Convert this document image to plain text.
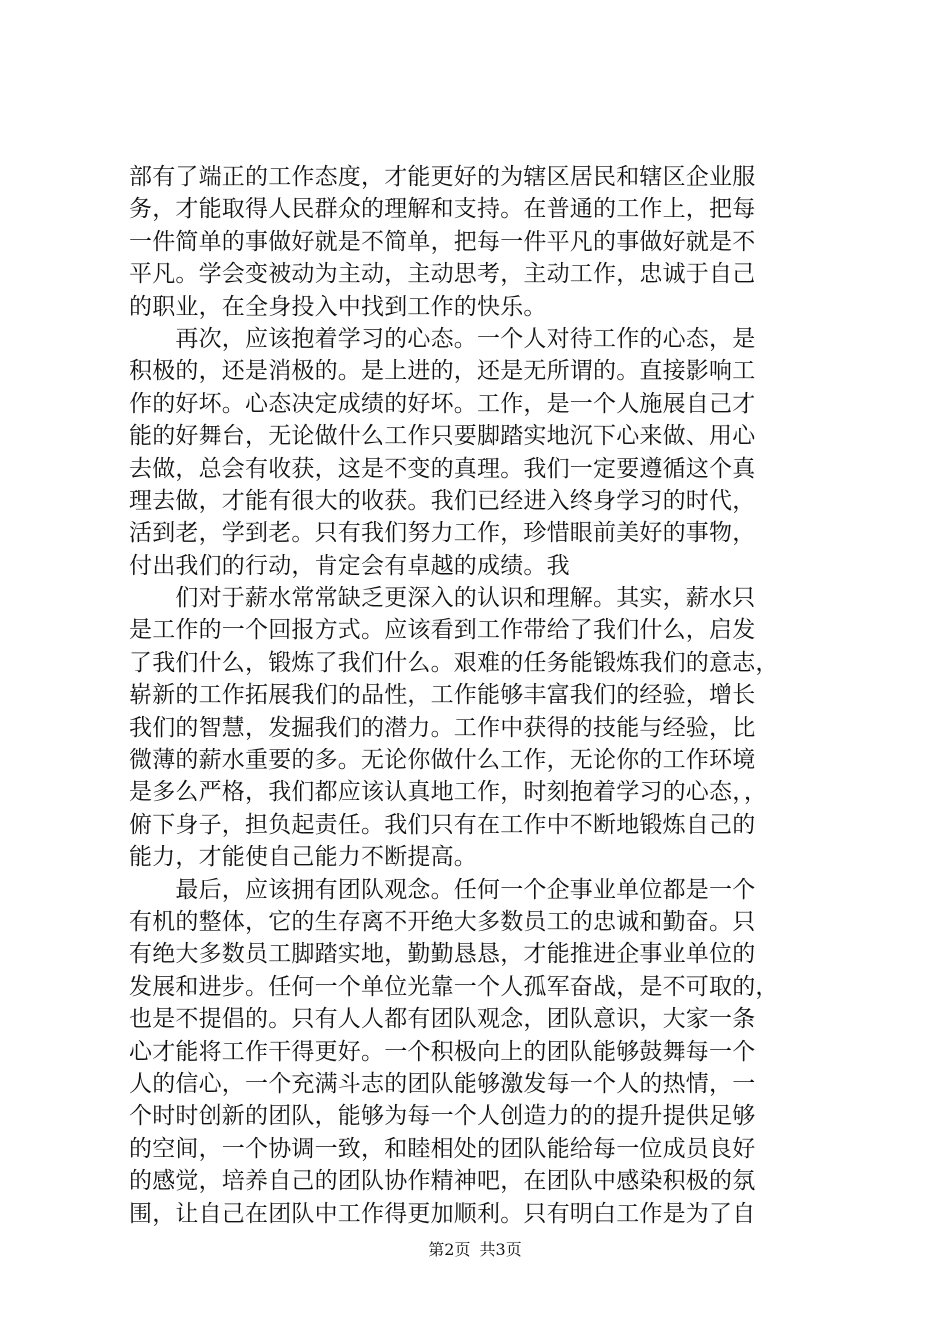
部有了端正的工作态度，才能更好的为辖区居民和辖区企业服
务，才能取得人民群众的理解和支持。在普通的工作上，把每
一件简单的事做好就是不简单，把每一件平凡的事做好就是不
平凡。学会变被动为主动，主动思考，主动工作，忠诚于自己
的职业，在全身投入中找到工作的快乐。
　　再次，应该抱着学习的心态。一个人对待工作的心态，是
积极的，还是消极的。是上进的，还是无所谓的。直接影响工
作的好坏。心态决定成绩的好坏。工作，是一个人施展自己才
能的好舞台，无论做什么工作只要脚踏实地沉下心来做、用心
去做，总会有收获，这是不变的真理。我们一定要遵循这个真
理去做，才能有很大的收获。我们已经进入终身学习的时代，
活到老，学到老。只有我们努力工作，珍惜眼前美好的事物，
付出我们的行动，肯定会有卓越的成绩。我
　　们对于薪水常常缺乏更深入的认识和理解。其实，薪水只
是工作的一个回报方式。应该看到工作带给了我们什么，启发
了我们什么，锻炼了我们什么。艰难的任务能锻炼我们的意志，
崭新的工作拓展我们的品性，工作能够丰富我们的经验，增长
我们的智慧，发掘我们的潜力。工作中获得的技能与经验，比
微薄的薪水重要的多。无论你做什么工作，无论你的工作环境
是多么严格，我们都应该认真地工作，时刻抱着学习的心态，，
俯下身子，担负起责任。我们只有在工作中不断地锻炼自己的
能力，才能使自己能力不断提高。
　　最后，应该拥有团队观念。任何一个企事业单位都是一个
有机的整体，它的生存离不开绝大多数员工的忠诚和勤奋。只
有绝大多数员工脚踏实地，勤勤恳恳，才能推进企事业单位的
发展和进步。任何一个单位光靠一个人孤军奋战，是不可取的，
也是不提倡的。只有人人都有团队观念，团队意识，大家一条
心才能将工作干得更好。一个积极向上的团队能够鼓舞每一个
人的信心，一个充满斗志的团队能够激发每一个人的热情，一
个时时创新的团队，能够为每一个人创造力的的提升提供足够
的空间，一个协调一致，和睦相处的团队能给每一位成员良好
的感觉，培养自己的团队协作精神吧，在团队中感染积极的氛
围，让自己在团队中工作得更加顺利。只有明白工作是为了自
第2页 共3页
